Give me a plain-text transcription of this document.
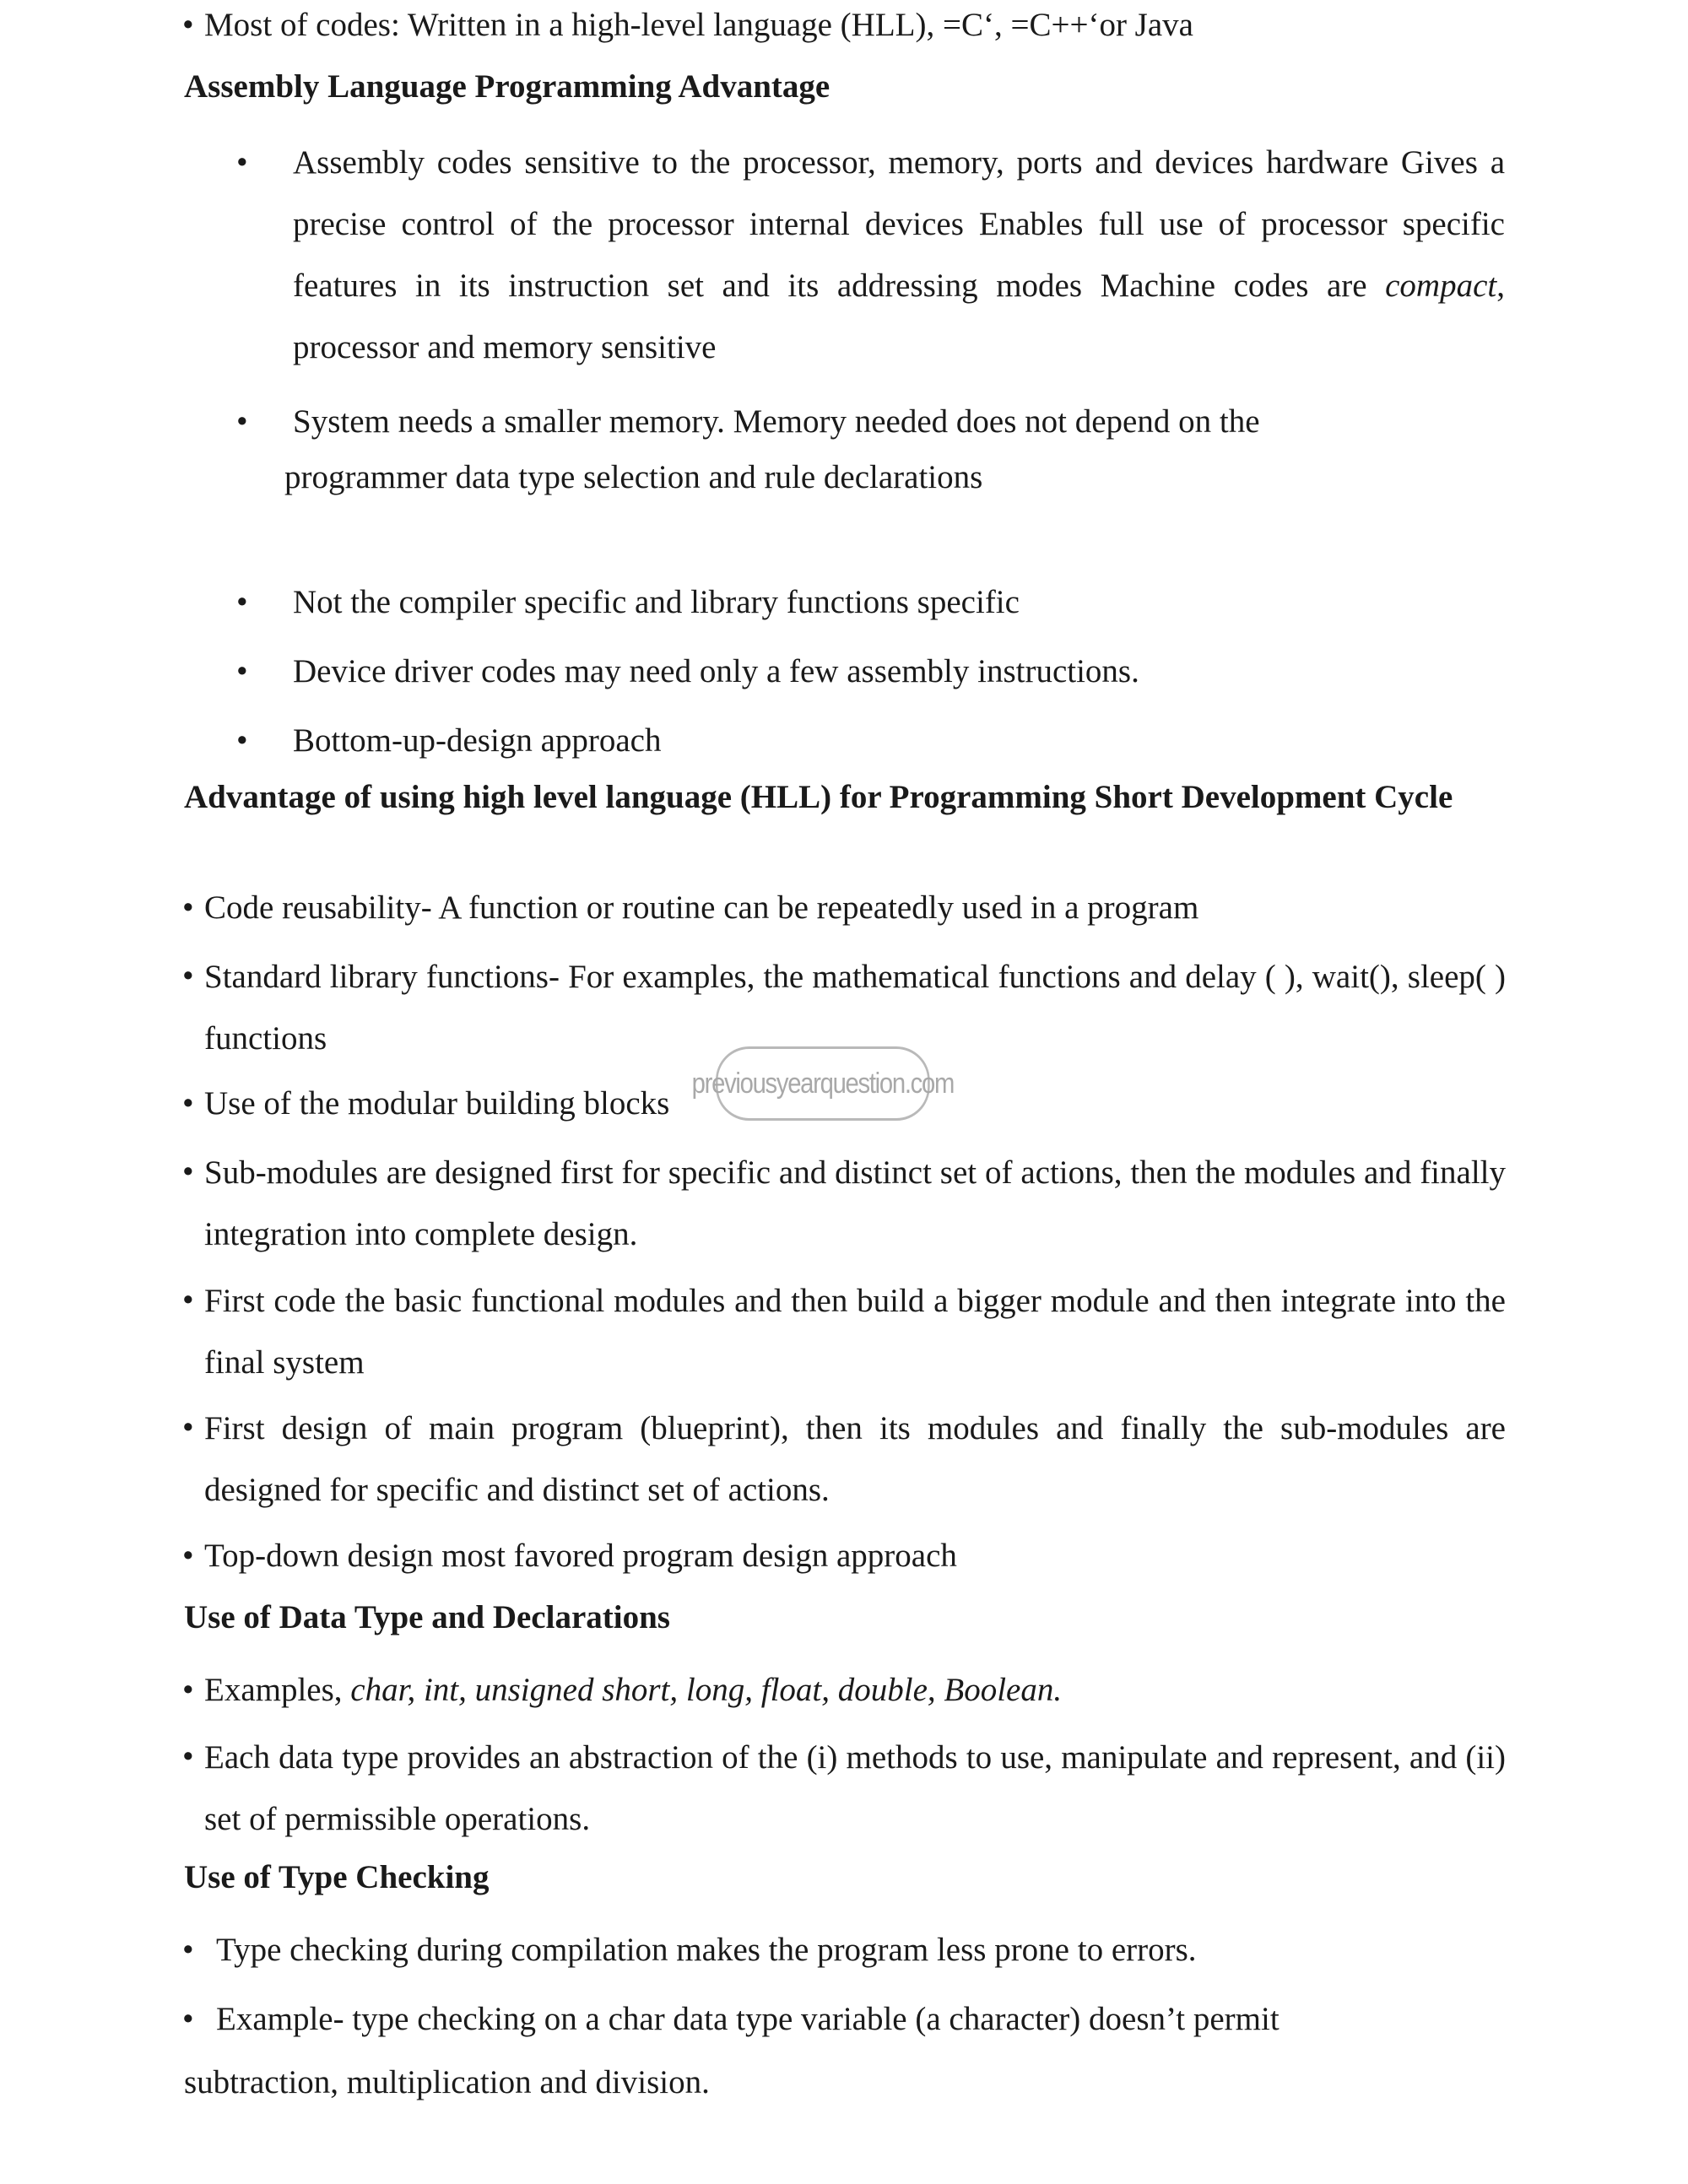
• Most of codes: Written in a high-level language (HLL), =C‘, =C++‘or Java
Assembly Language Programming Advantage
• Assembly codes sensitive to the processor, memory, ports and devices hardware Gives a precise control of the processor internal devices Enables full use of processor specific features in its instruction set and its addressing modes Machine codes are compact, processor and memory sensitive
• System needs a smaller memory. Memory needed does not depend on the
programmer data type selection and rule declarations
• Not the compiler specific and library functions specific
• Device driver codes may need only a few assembly instructions.
• Bottom-up-design approach
Advantage of using high level language (HLL) for Programming Short Development Cycle
• Code reusability- A function or routine can be repeatedly used in a program
• Standard library functions- For examples, the mathematical functions and delay ( ), wait(), sleep( ) functions
• Use of the modular building blocks
previousyearquestion.com
• Sub-modules are designed first for specific and distinct set of actions, then the modules and finally integration into complete design.
• First code the basic functional modules and then build a bigger module and then integrate into the final system
• First design of main program (blueprint), then its modules and finally the sub-modules are designed for specific and distinct set of actions.
• Top-down design most favored program design approach
Use of Data Type and Declarations
• Examples, char, int, unsigned short, long, float, double, Boolean.
• Each data type provides an abstraction of the (i) methods to use, manipulate and represent, and (ii) set of permissible operations.
Use of Type Checking
• Type checking during compilation makes the program less prone to errors.
• Example- type checking on a char data type variable (a character) doesn’t permit
subtraction, multiplication and division.
